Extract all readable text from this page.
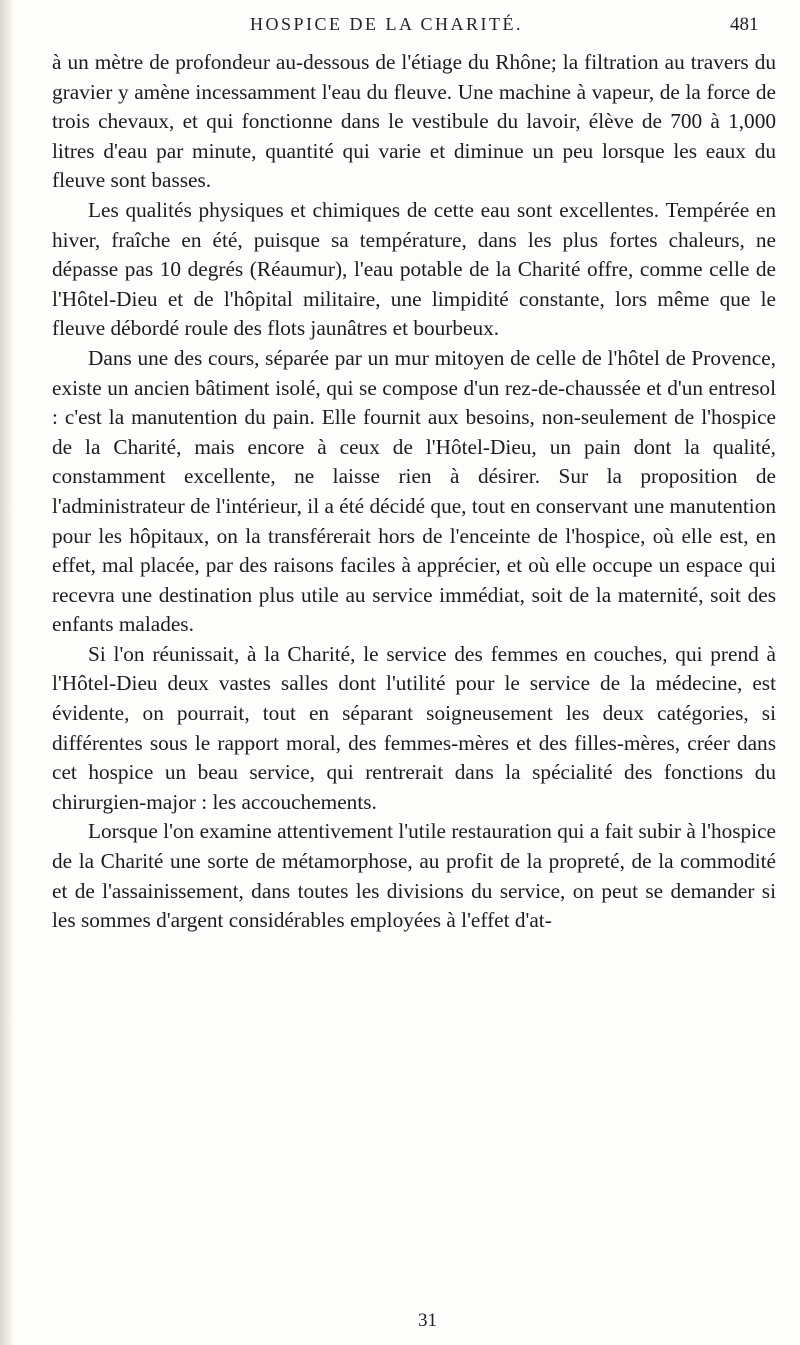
HOSPICE DE LA CHARITÉ.	481

à un mètre de profondeur au-dessous de l'étiage du Rhône; la filtration au travers du gravier y amène incessamment l'eau du fleuve. Une machine à vapeur, de la force de trois chevaux, et qui fonctionne dans le vestibule du lavoir, élève de 700 à 1,000 litres d'eau par minute, quantité qui varie et diminue un peu lorsque les eaux du fleuve sont basses.

Les qualités physiques et chimiques de cette eau sont excellentes. Tempérée en hiver, fraîche en été, puisque sa température, dans les plus fortes chaleurs, ne dépasse pas 10 degrés (Réaumur), l'eau potable de la Charité offre, comme celle de l'Hôtel-Dieu et de l'hôpital militaire, une limpidité constante, lors même que le fleuve débordé roule des flots jaunâtres et bourbeux.

Dans une des cours, séparée par un mur mitoyen de celle de l'hôtel de Provence, existe un ancien bâtiment isolé, qui se compose d'un rez-de-chaussée et d'un entresol : c'est la manutention du pain. Elle fournit aux besoins, non-seulement de l'hospice de la Charité, mais encore à ceux de l'Hôtel-Dieu, un pain dont la qualité, constamment excellente, ne laisse rien à désirer. Sur la proposition de l'administrateur de l'intérieur, il a été décidé que, tout en conservant une manutention pour les hôpitaux, on la transférerait hors de l'enceinte de l'hospice, où elle est, en effet, mal placée, par des raisons faciles à apprécier, et où elle occupe un espace qui recevra une destination plus utile au service immédiat, soit de la maternité, soit des enfants malades.

Si l'on réunissait, à la Charité, le service des femmes en couches, qui prend à l'Hôtel-Dieu deux vastes salles dont l'utilité pour le service de la médecine, est évidente, on pourrait, tout en séparant soigneusement les deux catégories, si différentes sous le rapport moral, des femmes-mères et des filles-mères, créer dans cet hospice un beau service, qui rentrerait dans la spécialité des fonctions du chirurgien-major : les accouchements.

Lorsque l'on examine attentivement l'utile restauration qui a fait subir à l'hospice de la Charité une sorte de métamorphose, au profit de la propreté, de la commodité et de l'assainissement, dans toutes les divisions du service, on peut se demander si les sommes d'argent considérables employées à l'effet d'at-

31
